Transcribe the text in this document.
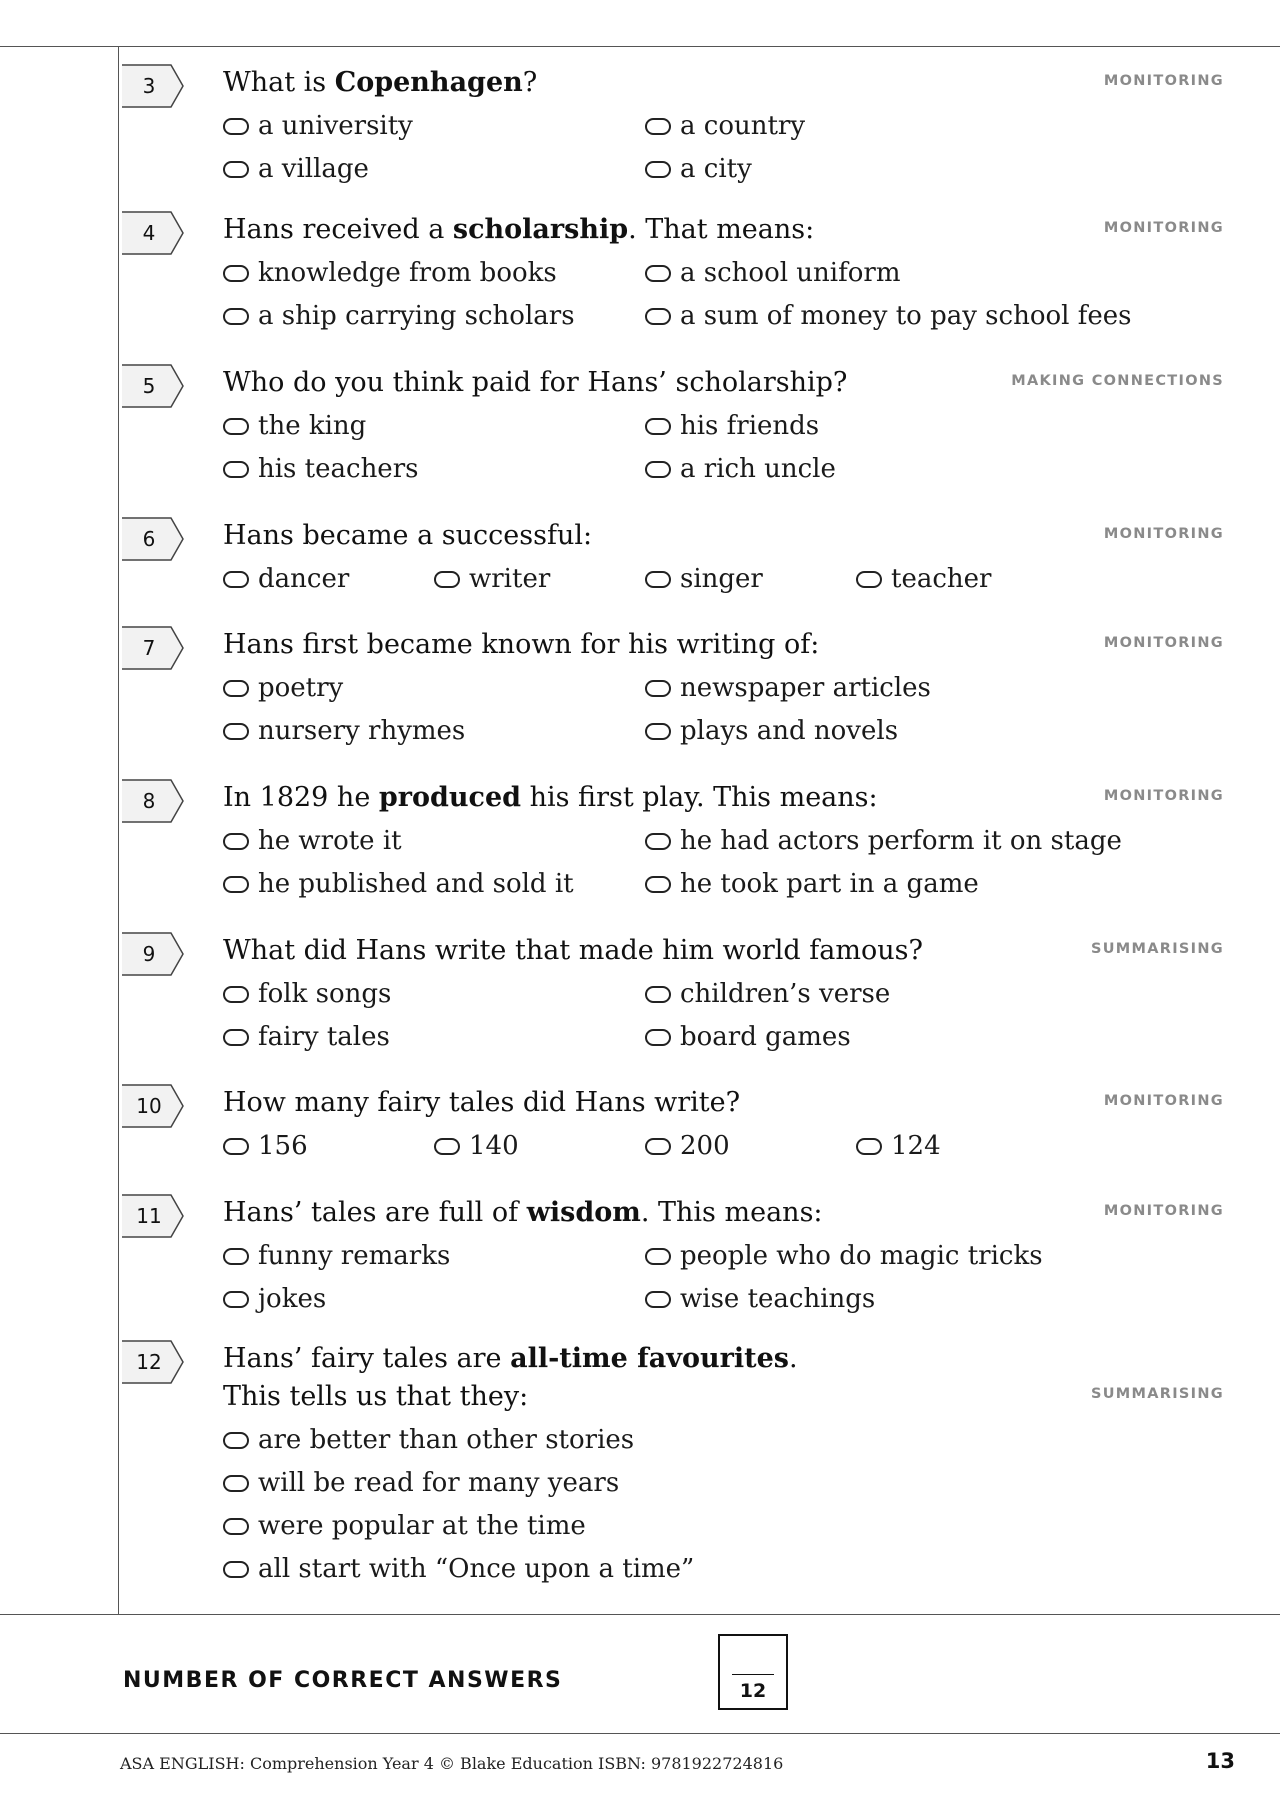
3	What is Copenhagen?	MONITORING
a university	a country
a village	a city
4	Hans received a scholarship. That means:	MONITORING
knowledge from books	a school uniform
a ship carrying scholars	a sum of money to pay school fees
5	Who do you think paid for Hans’ scholarship?	MAKING CONNECTIONS
the king	his friends
his teachers	a rich uncle
6	Hans became a successful:	MONITORING
dancer	writer	singer	teacher
7	Hans first became known for his writing of:	MONITORING
poetry	newspaper articles
nursery rhymes	plays and novels
8	In 1829 he produced his first play. This means:	MONITORING
he wrote it	he had actors perform it on stage
he published and sold it	he took part in a game
9	What did Hans write that made him world famous?	SUMMARISING
folk songs	children’s verse
fairy tales	board games
10	How many fairy tales did Hans write?	MONITORING
156	140	200	124
11	Hans’ tales are full of wisdom. This means:	MONITORING
funny remarks	people who do magic tricks
jokes	wise teachings
12	Hans’ fairy tales are all-time favourites.
This tells us that they:	SUMMARISING
are better than other stories
will be read for many years
were popular at the time
all start with “Once upon a time”
NUMBER OF CORRECT ANSWERS	12
ASA ENGLISH: Comprehension Year 4 © Blake Education ISBN: 9781922724816	13
